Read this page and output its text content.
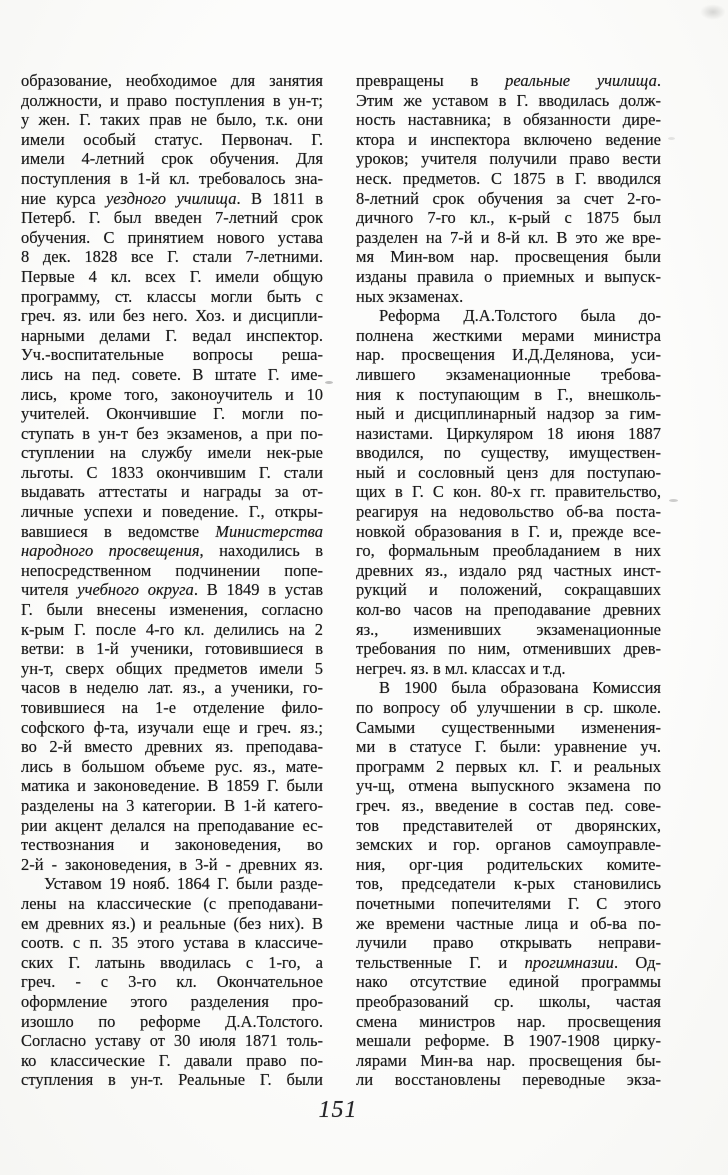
образование, необходимое для занятия
должности, и право поступления в ун-т;
у жен. Г. таких прав не было, т.к. они
имели особый статус. Первонач. Г.
имели 4-летний срок обучения. Для
поступления в 1-й кл. требовалось зна-
ние курса уездного училища. В 1811 в
Петерб. Г. был введен 7-летний срок
обучения. С принятием нового устава
8 дек. 1828 все Г. стали 7-летними.
Первые 4 кл. всех Г. имели общую
программу, ст. классы могли быть с
греч. яз. или без него. Хоз. и дисципли-
нарными делами Г. ведал инспектор.
Уч.-воспитательные вопросы реша-
лись на пед. совете. В штате Г. име-
лись, кроме того, законоучитель и 10
учителей. Окончившие Г. могли по-
ступать в ун-т без экзаменов, а при по-
ступлении на службу имели нек-рые
льготы. С 1833 окончившим Г. стали
выдавать аттестаты и награды за от-
личные успехи и поведение. Г., откры-
вавшиеся в ведомстве Министерства
народного просвещения, находились в
непосредственном подчинении попе-
чителя учебного округа. В 1849 в устав
Г. были внесены изменения, согласно
к-рым Г. после 4-го кл. делились на 2
ветви: в 1-й ученики, готовившиеся в
ун-т, сверх общих предметов имели 5
часов в неделю лат. яз., а ученики, го-
товившиеся на 1-е отделение фило-
софского ф-та, изучали еще и греч. яз.;
во 2-й вместо древних яз. преподава-
лись в большом объеме рус. яз., мате-
матика и законоведение. В 1859 Г. были
разделены на 3 категории. В 1-й катего-
рии акцент делался на преподавание ес-
тествознания и законоведения, во
2-й - законоведения, в 3-й - древних яз.
Уставом 19 нояб. 1864 Г. были разде-
лены на классические (с преподавани-
ем древних яз.) и реальные (без них). В
соотв. с п. 35 этого устава в классиче-
ских Г. латынь вводилась с 1-го, а
греч. - с 3-го кл. Окончательное
оформление этого разделения про-
изошло по реформе Д.А.Толстого.
Согласно уставу от 30 июля 1871 толь-
ко классические Г. давали право по-
ступления в ун-т. Реальные Г. были
превращены в реальные училища.
Этим же уставом в Г. вводилась долж-
ность наставника; в обязанности дире-
ктора и инспектора включено ведение
уроков; учителя получили право вести
неск. предметов. С 1875 в Г. вводился
8-летний срок обучения за счет 2-го-
дичного 7-го кл., к-рый с 1875 был
разделен на 7-й и 8-й кл. В это же вре-
мя Мин-вом нар. просвещения были
изданы правила о приемных и выпуск-
ных экзаменах.
Реформа Д.А.Толстого была до-
полнена жесткими мерами министра
нар. просвещения И.Д.Делянова, уси-
лившего экзаменационные требова-
ния к поступающим в Г., внешколь-
ный и дисциплинарный надзор за гим-
назистами. Циркуляром 18 июня 1887
вводился, по существу, имуществен-
ный и сословный ценз для поступаю-
щих в Г. С кон. 80-х гг. правительство,
реагируя на недовольство об-ва поста-
новкой образования в Г. и, прежде все-
го, формальным преобладанием в них
древних яз., издало ряд частных инст-
рукций и положений, сокращавших
кол-во часов на преподавание древних
яз., изменивших экзаменационные
требования по ним, отменивших древ-
негреч. яз. в мл. классах и т.д.
В 1900 была образована Комиссия
по вопросу об улучшении в ср. школе.
Самыми существенными изменения-
ми в статусе Г. были: уравнение уч.
программ 2 первых кл. Г. и реальных
уч-щ, отмена выпускного экзамена по
греч. яз., введение в состав пед. сове-
тов представителей от дворянских,
земских и гор. органов самоуправле-
ния, орг-ция родительских комите-
тов, председатели к-рых становились
почетными попечителями Г. С этого
же времени частные лица и об-ва по-
лучили право открывать неправи-
тельственные Г. и прогимназии. Од-
нако отсутствие единой программы
преобразований ср. школы, частая
смена министров нар. просвещения
мешали реформе. В 1907-1908 цирку-
лярами Мин-ва нар. просвещения бы-
ли восстановлены переводные экза-
151
